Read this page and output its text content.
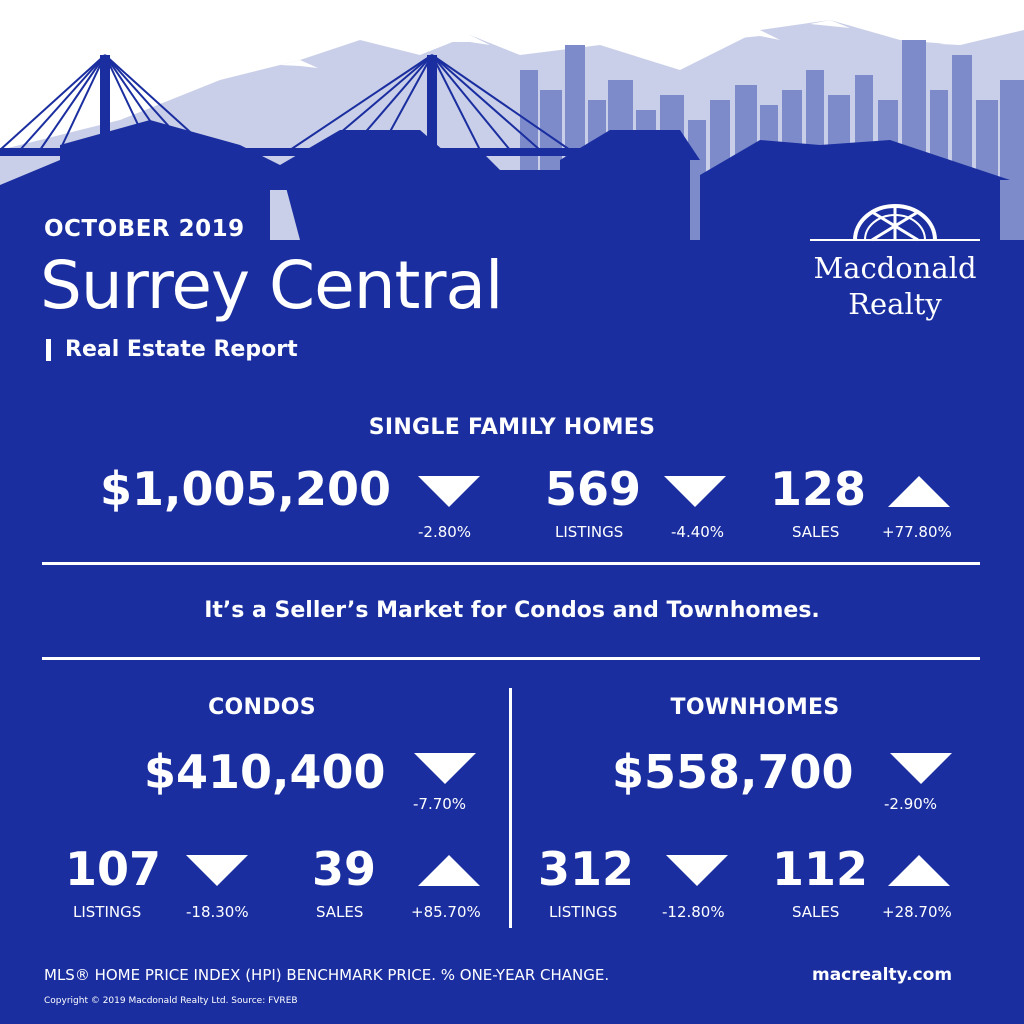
OCTOBER 2019
Surrey Central
Real Estate Report
Macdonald
Realty
SINGLE FAMILY HOMES
$1,005,200
-2.80%
569
LISTINGS	-4.40%
128
SALES	+77.80%
It’s a Seller’s Market for Condos and Townhomes.
CONDOS
$410,400
-7.70%
107
LISTINGS	-18.30%
39
SALES	+85.70%
TOWNHOMES
$558,700
-2.90%
312
LISTINGS	-12.80%
112
SALES	+28.70%
MLS® HOME PRICE INDEX (HPI) BENCHMARK PRICE. % ONE-YEAR CHANGE.	macrealty.com
Copyright © 2019 Macdonald Realty Ltd. Source: FVREB
